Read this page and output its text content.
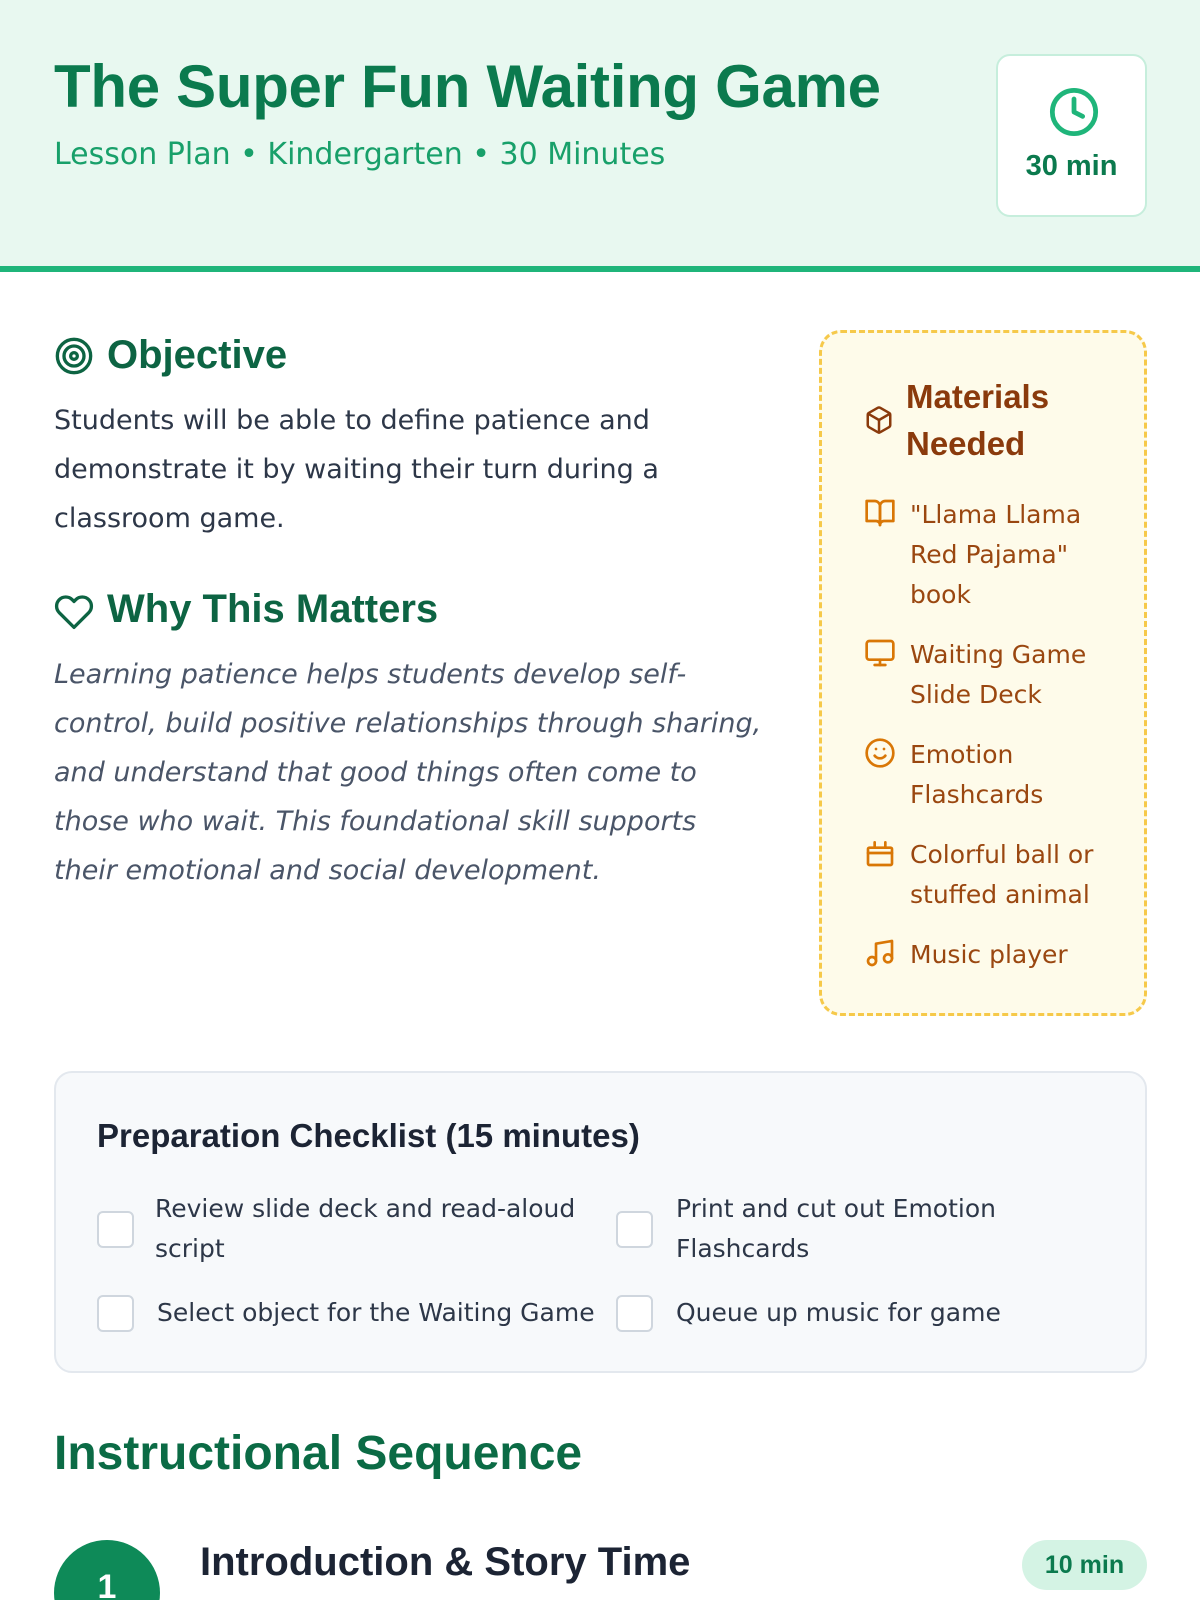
The Super Fun Waiting Game
Lesson Plan • Kindergarten • 30 Minutes	30 min
Objective
Students will be able to define patience and
demonstrate it by waiting their turn during a
classroom game.
Why This Matters
Learning patience helps students develop self-
control, build positive relationships through sharing,
and understand that good things often come to
those who wait. This foundational skill supports
their emotional and social development.
Materials
Needed
"Llama Llama
Red Pajama"
book
Waiting Game
Slide Deck
Emotion
Flashcards
Colorful ball or
stuffed animal
Music player
Preparation Checklist (15 minutes)
Review slide deck and read-aloud
script
Print and cut out Emotion
Flashcards
Select object for the Waiting Game	Queue up music for game
Instructional Sequence
1
Introduction & Story Time	10 min
